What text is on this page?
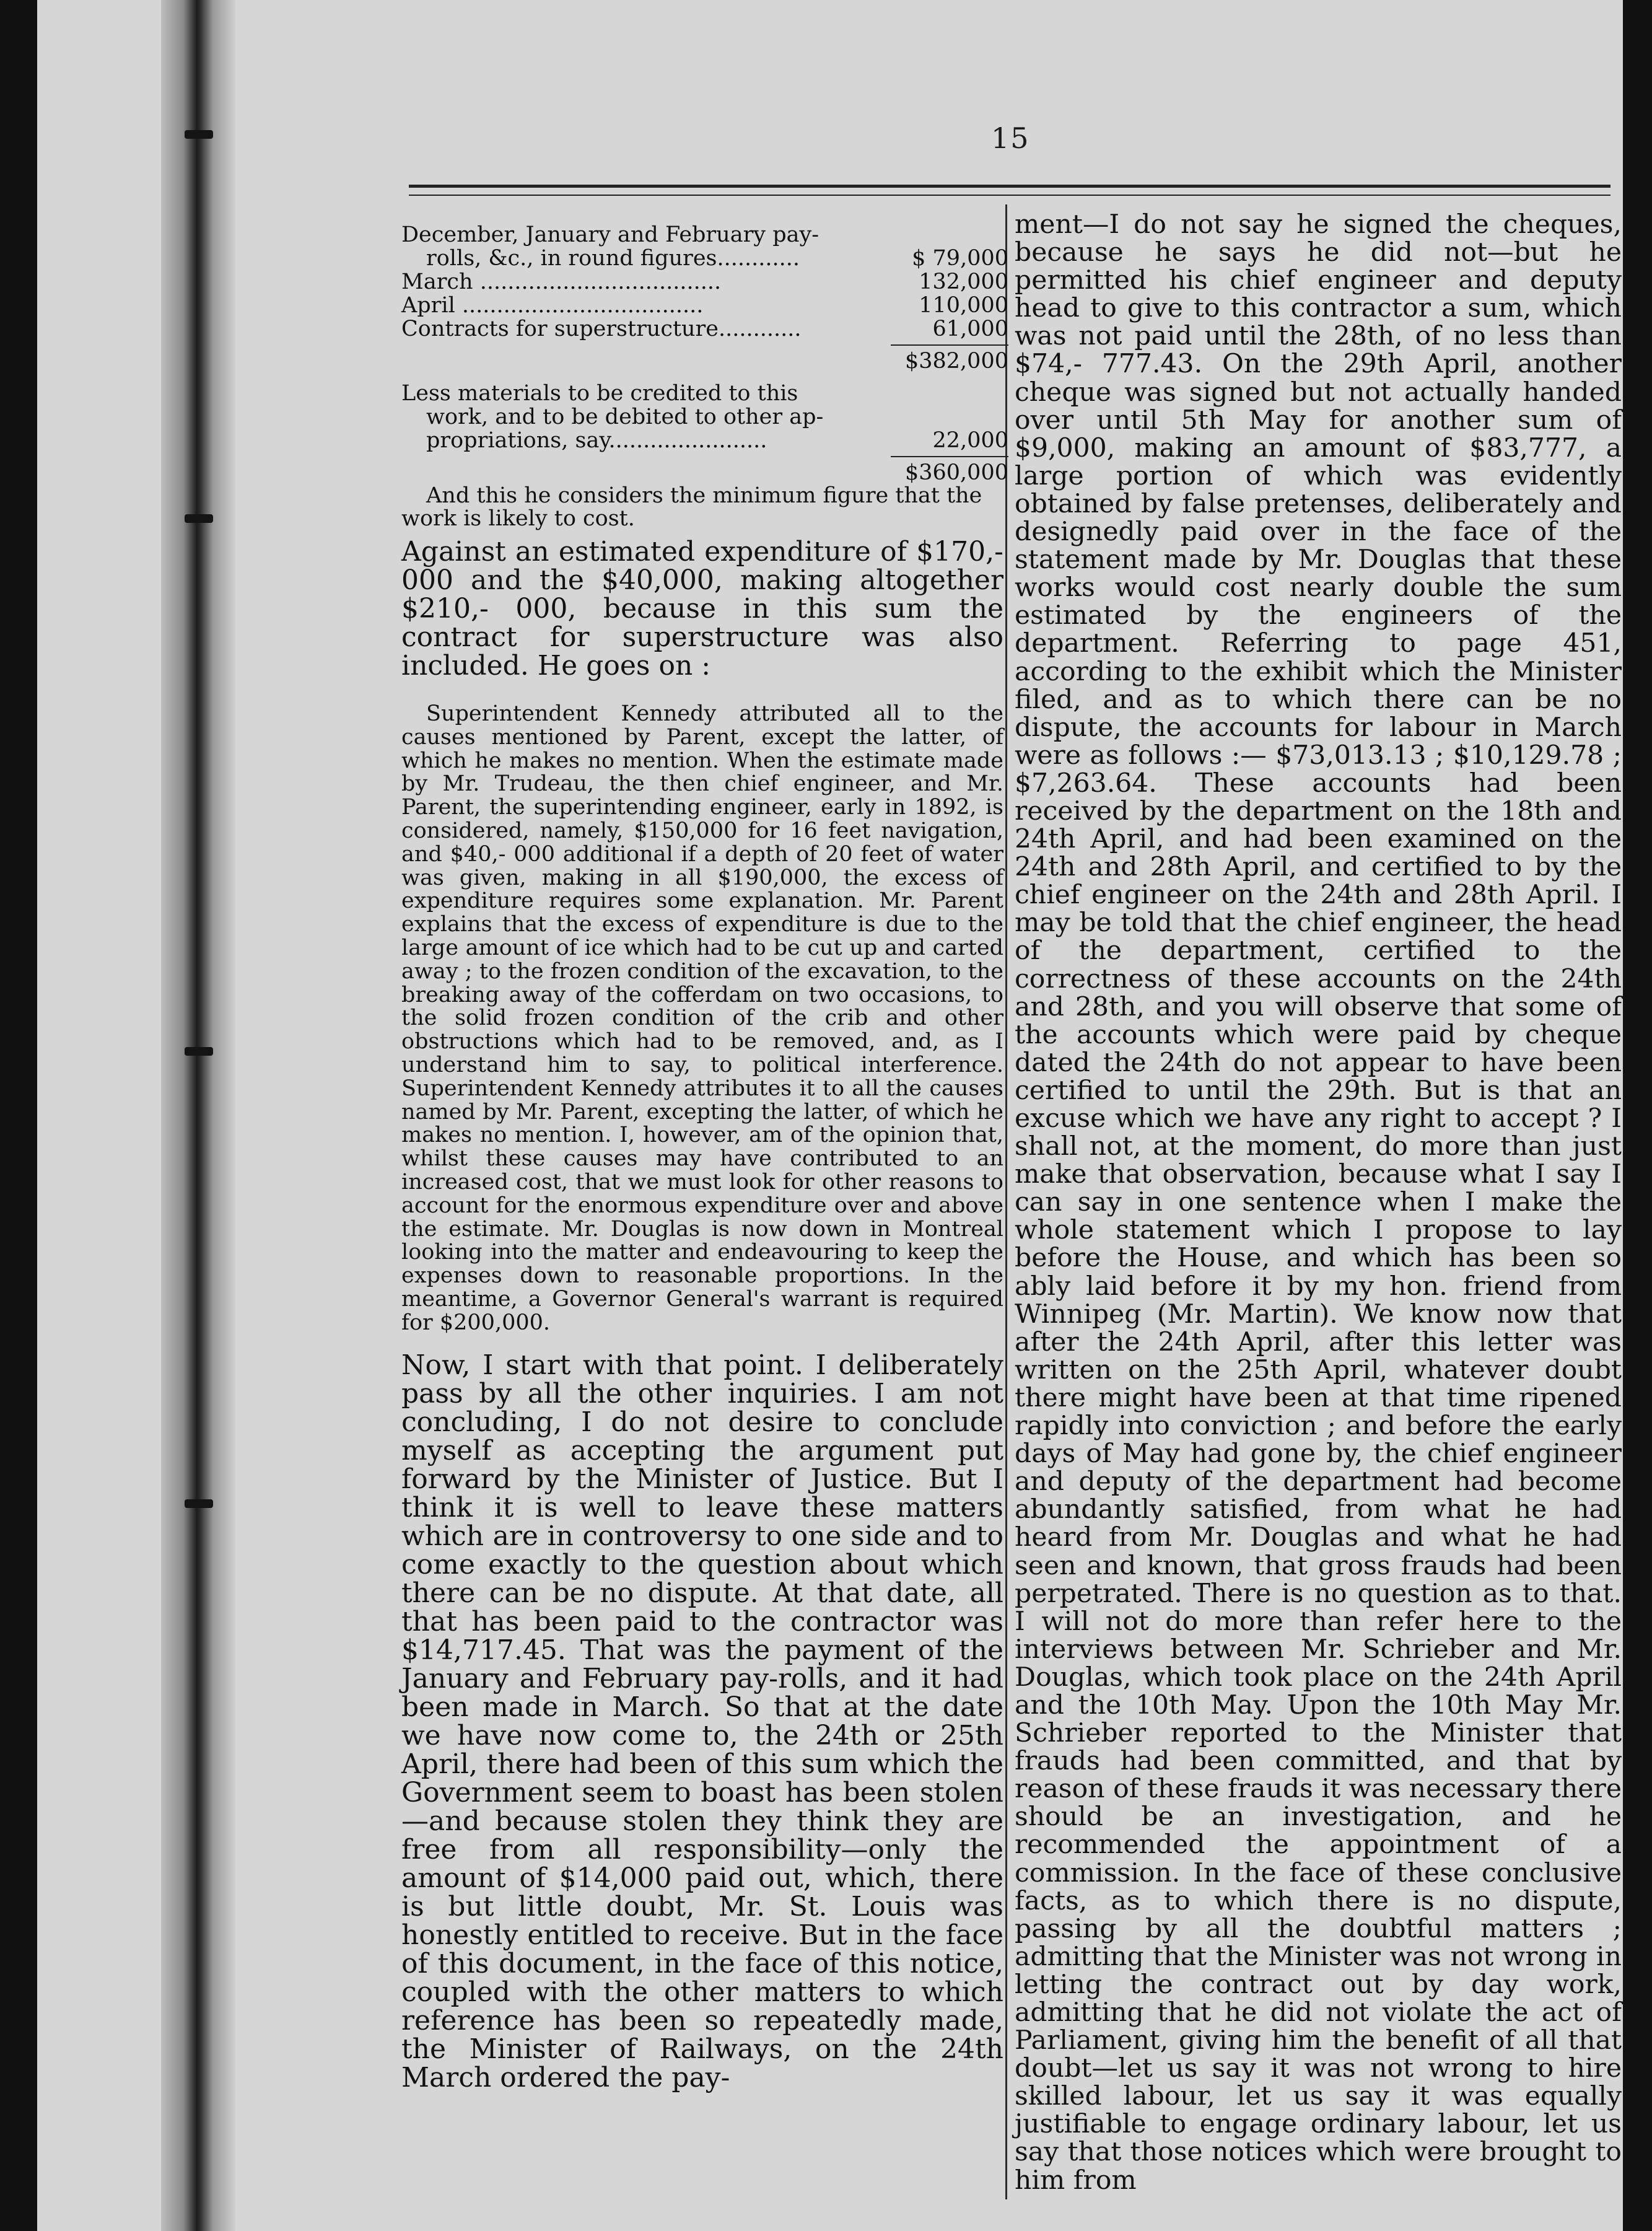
15
December, January and February pay-
rolls, &c., in round figures............	$ 79,000
March ...................................	132,000
April ...................................	110,000
Contracts for superstructure............	61,000
$382,000
Less materials to be credited to this
work, and to be debited to other ap-
propriations, say.......................	22,000
$360,000

And this he considers the minimum figure that the work is likely to cost.

Against an estimated expenditure of $170,- 000 and the $40,000, making altogether $210,- 000, because in this sum the contract for superstructure was also included. He goes on :

Superintendent Kennedy attributed all to the causes mentioned by Parent, except the latter, of which he makes no mention. When the estimate made by Mr. Trudeau, the then chief engineer, and Mr. Parent, the superintending engineer, early in 1892, is considered, namely, $150,000 for 16 feet navigation, and $40,- 000 additional if a depth of 20 feet of water was given, making in all $190,000, the excess of expenditure requires some explanation. Mr. Parent explains that the excess of expenditure is due to the large amount of ice which had to be cut up and carted away ; to the frozen condition of the excavation, to the breaking away of the cofferdam on two occasions, to the solid frozen condition of the crib and other obstructions which had to be removed, and, as I understand him to say, to political interference. Superintendent Kennedy attributes it to all the causes named by Mr. Parent, excepting the latter, of which he makes no mention. I, however, am of the opinion that, whilst these causes may have contributed to an increased cost, that we must look for other reasons to account for the enormous expenditure over and above the estimate. Mr. Douglas is now down in Montreal looking into the matter and endeavouring to keep the expenses down to reasonable proportions. In the meantime, a Governor General's warrant is required for $200,000.

Now, I start with that point. I deliberately pass by all the other inquiries. I am not concluding, I do not desire to conclude myself as accepting the argument put forward by the Minister of Justice. But I think it is well to leave these matters which are in controversy to one side and to come exactly to the question about which there can be no dispute. At that date, all that has been paid to the contractor was $14,717.45. That was the payment of the January and February pay-rolls, and it had been made in March. So that at the date we have now come to, the 24th or 25th April, there had been of this sum which the Government seem to boast has been stolen—and because stolen they think they are free from all responsibility—only the amount of $14,000 paid out, which, there is but little doubt, Mr. St. Louis was honestly entitled to receive. But in the face of this document, in the face of this notice, coupled with the other matters to which reference has been so repeatedly made, the Minister of Railways, on the 24th March ordered the pay-

ment—I do not say he signed the cheques, because he says he did not—but he permitted his chief engineer and deputy head to give to this contractor a sum, which was not paid until the 28th, of no less than $74,- 777.43. On the 29th April, another cheque was signed but not actually handed over until 5th May for another sum of $9,000, making an amount of $83,777, a large portion of which was evidently obtained by false pretenses, deliberately and designedly paid over in the face of the statement made by Mr. Douglas that these works would cost nearly double the sum estimated by the engineers of the department. Referring to page 451, according to the exhibit which the Minister filed, and as to which there can be no dispute, the accounts for labour in March were as follows :— $73,013.13 ; $10,129.78 ; $7,263.64. These accounts had been received by the department on the 18th and 24th April, and had been examined on the 24th and 28th April, and certified to by the chief engineer on the 24th and 28th April. I may be told that the chief engineer, the head of the department, certified to the correctness of these accounts on the 24th and 28th, and you will observe that some of the accounts which were paid by cheque dated the 24th do not appear to have been certified to until the 29th. But is that an excuse which we have any right to accept ? I shall not, at the moment, do more than just make that observation, because what I say I can say in one sentence when I make the whole statement which I propose to lay before the House, and which has been so ably laid before it by my hon. friend from Winnipeg (Mr. Martin). We know now that after the 24th April, after this letter was written on the 25th April, whatever doubt there might have been at that time ripened rapidly into conviction ; and before the early days of May had gone by, the chief engineer and deputy of the department had become abundantly satisfied, from what he had heard from Mr. Douglas and what he had seen and known, that gross frauds had been perpetrated. There is no question as to that. I will not do more than refer here to the interviews between Mr. Schrieber and Mr. Douglas, which took place on the 24th April and the 10th May. Upon the 10th May Mr. Schrieber reported to the Minister that frauds had been committed, and that by reason of these frauds it was necessary there should be an investigation, and he recommended the appointment of a commission. In the face of these conclusive facts, as to which there is no dispute, passing by all the doubtful matters ; admitting that the Minister was not wrong in letting the contract out by day work, admitting that he did not violate the act of Parliament, giving him the benefit of all that doubt—let us say it was not wrong to hire skilled labour, let us say it was equally justifiable to engage ordinary labour, let us say that those notices which were brought to him from
